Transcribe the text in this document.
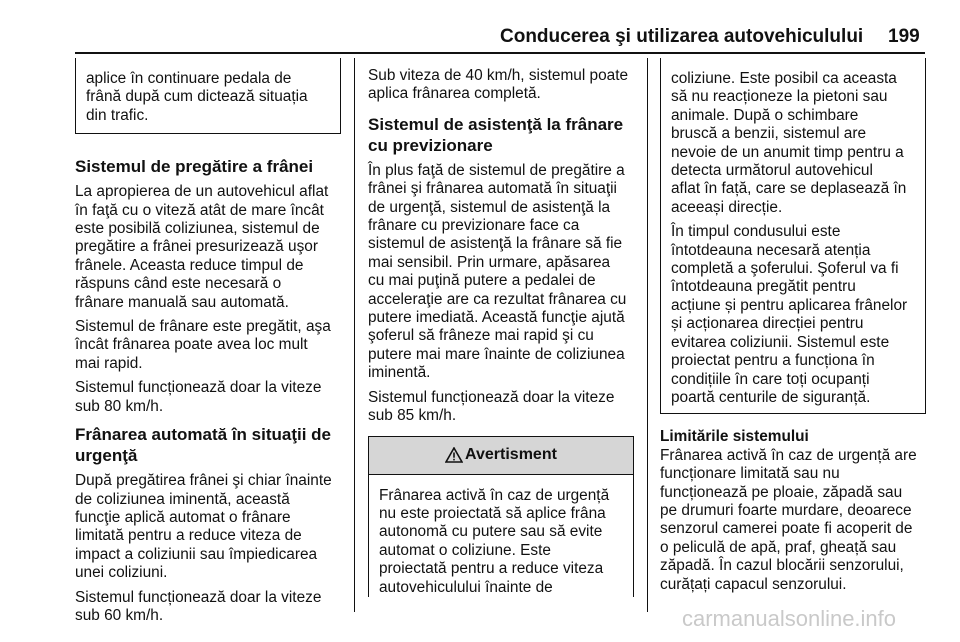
Conducerea şi utilizarea autovehiculului 199

aplice în continuare pedala de
frână după cum dictează situația
din trafic.

Sistemul de pregătire a frânei

La apropierea de un autovehicul aflat
în faţă cu o viteză atât de mare încât
este posibilă coliziunea, sistemul de
pregătire a frânei presurizează uşor
frânele. Aceasta reduce timpul de
răspuns când este necesară o
frânare manuală sau automată.

Sistemul de frânare este pregătit, aşa
încât frânarea poate avea loc mult
mai rapid.

Sistemul funcționează doar la viteze
sub 80 km/h.

Frânarea automată în situaţii de
urgenţă

După pregătirea frânei şi chiar înainte
de coliziunea iminentă, această
funcţie aplică automat o frânare
limitată pentru a reduce viteza de
impact a coliziunii sau împiedicarea
unei coliziuni.

Sistemul funcționează doar la viteze
sub 60 km/h.

Sub viteza de 40 km/h, sistemul poate
aplica frânarea completă.

Sistemul de asistenţă la frânare
cu previzionare

În plus faţă de sistemul de pregătire a
frânei şi frânarea automată în situaţii
de urgenţă, sistemul de asistenţă la
frânare cu previzionare face ca
sistemul de asistenţă la frânare să fie
mai sensibil. Prin urmare, apăsarea
cu mai puţină putere a pedalei de
acceleraţie are ca rezultat frânarea cu
putere imediată. Această funcţie ajută
şoferul să frâneze mai rapid şi cu
putere mai mare înainte de coliziunea
iminentă.

Sistemul funcționează doar la viteze
sub 85 km/h.

Avertisment

Frânarea activă în caz de urgență
nu este proiectată să aplice frâna
autonomă cu putere sau să evite
automat o coliziune. Este
proiectată pentru a reduce viteza
autovehiculului înainte de

coliziune. Este posibil ca aceasta
să nu reacționeze la pietoni sau
animale. După o schimbare
bruscă a benzii, sistemul are
nevoie de un anumit timp pentru a
detecta următorul autovehicul
aflat în față, care se deplasează în
aceeași direcție.

În timpul condusului este
întotdeauna necesară atenția
completă a şoferului. Şoferul va fi
întotdeauna pregătit pentru
acțiune și pentru aplicarea frânelor
și acționarea direcției pentru
evitarea coliziunii. Sistemul este
proiectat pentru a funcționa în
condițiile în care toți ocupanți
poartă centurile de siguranță.

Limitările sistemului

Frânarea activă în caz de urgență are
funcționare limitată sau nu
funcționează pe ploaie, zăpadă sau
pe drumuri foarte murdare, deoarece
senzorul camerei poate fi acoperit de
o peliculă de apă, praf, gheață sau
zăpadă. În cazul blocării senzorului,
curățați capacul senzorului.

carmanualsonline.info
